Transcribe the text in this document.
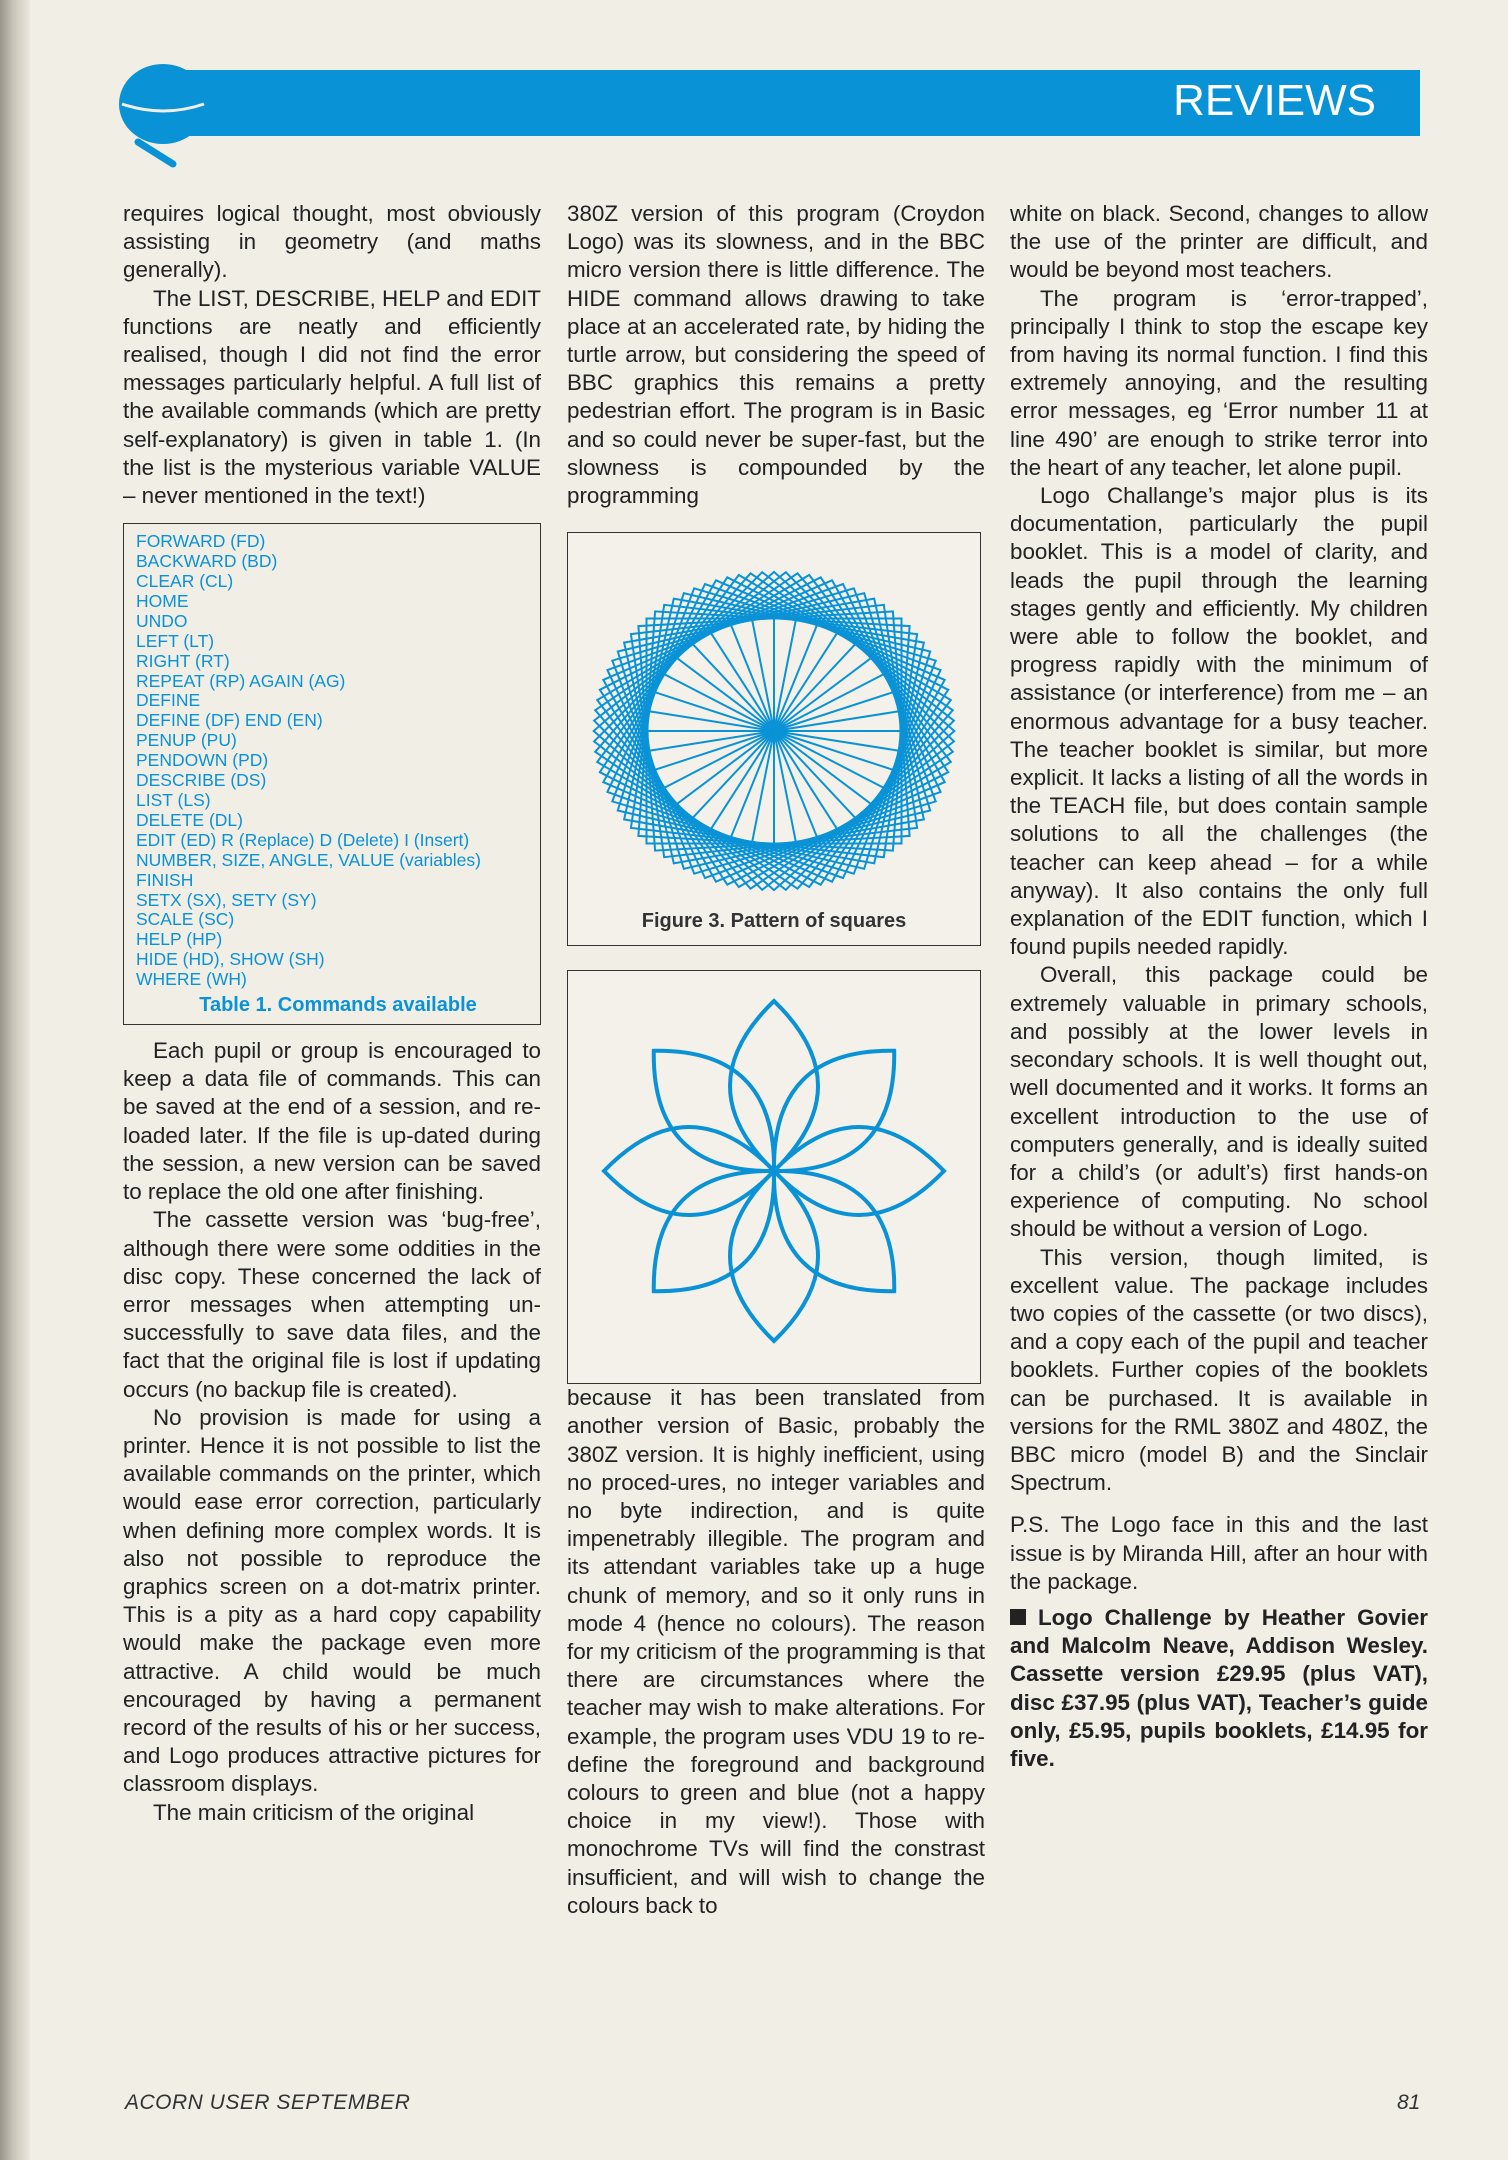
REVIEWS

requires logical thought, most obviously assisting in geometry (and maths generally).

The LIST, DESCRIBE, HELP and EDIT functions are neatly and efficiently realised, though I did not find the error messages particularly helpful. A full list of the available commands (which are pretty self-explanatory) is given in table 1. (In the list is the mysterious variable VALUE – never mentioned in the text!)

FORWARD (FD)
BACKWARD (BD)
CLEAR (CL)
HOME
UNDO
LEFT (LT)
RIGHT (RT)
REPEAT (RP) AGAIN (AG)
DEFINE
DEFINE (DF) END (EN)
PENUP (PU)
PENDOWN (PD)
DESCRIBE (DS)
LIST (LS)
DELETE (DL)
EDIT (ED) R (Replace) D (Delete) I (Insert)
NUMBER, SIZE, ANGLE, VALUE (variables)
FINISH
SETX (SX), SETY (SY)
SCALE (SC)
HELP (HP)
HIDE (HD), SHOW (SH)
WHERE (WH)
Table 1. Commands available

Each pupil or group is encouraged to keep a data file of commands. This can be saved at the end of a session, and re-loaded later. If the file is up-dated during the session, a new version can be saved to replace the old one after finishing.

The cassette version was ‘bug-free’, although there were some oddities in the disc copy. These concerned the lack of error messages when attempting un-successfully to save data files, and the fact that the original file is lost if updating occurs (no backup file is created).

No provision is made for using a printer. Hence it is not possible to list the available commands on the printer, which would ease error correction, particularly when defining more complex words. It is also not possible to reproduce the graphics screen on a dot-matrix printer. This is a pity as a hard copy capability would make the package even more attractive. A child would be much encouraged by having a permanent record of the results of his or her success, and Logo produces attractive pictures for classroom displays.

The main criticism of the original

380Z version of this program (Croydon Logo) was its slowness, and in the BBC micro version there is little difference. The HIDE command allows drawing to take place at an accelerated rate, by hiding the turtle arrow, but considering the speed of BBC graphics this remains a pretty pedestrian effort. The program is in Basic and so could never be super-fast, but the slowness is compounded by the programming

Figure 3. Pattern of squares

because it has been translated from another version of Basic, probably the 380Z version. It is highly inefficient, using no proced-ures, no integer variables and no byte indirection, and is quite impenetrably illegible. The program and its attendant variables take up a huge chunk of memory, and so it only runs in mode 4 (hence no colours). The reason for my criticism of the programming is that there are circumstances where the teacher may wish to make alterations. For example, the program uses VDU 19 to re-define the foreground and background colours to green and blue (not a happy choice in my view!). Those with monochrome TVs will find the constrast insufficient, and will wish to change the colours back to

white on black. Second, changes to allow the use of the printer are difficult, and would be beyond most teachers.

The program is ‘error-trapped’, principally I think to stop the escape key from having its normal function. I find this extremely annoying, and the resulting error messages, eg ‘Error number 11 at line 490’ are enough to strike terror into the heart of any teacher, let alone pupil.

Logo Challange’s major plus is its documentation, particularly the pupil booklet. This is a model of clarity, and leads the pupil through the learning stages gently and efficiently. My children were able to follow the booklet, and progress rapidly with the minimum of assistance (or interference) from me – an enormous advantage for a busy teacher. The teacher booklet is similar, but more explicit. It lacks a listing of all the words in the TEACH file, but does contain sample solutions to all the challenges (the teacher can keep ahead – for a while anyway). It also contains the only full explanation of the EDIT function, which I found pupils needed rapidly.

Overall, this package could be extremely valuable in primary schools, and possibly at the lower levels in secondary schools. It is well thought out, well documented and it works. It forms an excellent introduction to the use of computers generally, and is ideally suited for a child’s (or adult’s) first hands-on experience of computing. No school should be without a version of Logo.

This version, though limited, is excellent value. The package includes two copies of the cassette (or two discs), and a copy each of the pupil and teacher booklets. Further copies of the booklets can be purchased. It is available in versions for the RML 380Z and 480Z, the BBC micro (model B) and the Sinclair Spectrum.

P.S. The Logo face in this and the last issue is by Miranda Hill, after an hour with the package.

Logo Challenge by Heather Govier and Malcolm Neave, Addison Wesley. Cassette version £29.95 (plus VAT), disc £37.95 (plus VAT), Teacher’s guide only, £5.95, pupils booklets, £14.95 for five.

ACORN USER SEPTEMBER	81
